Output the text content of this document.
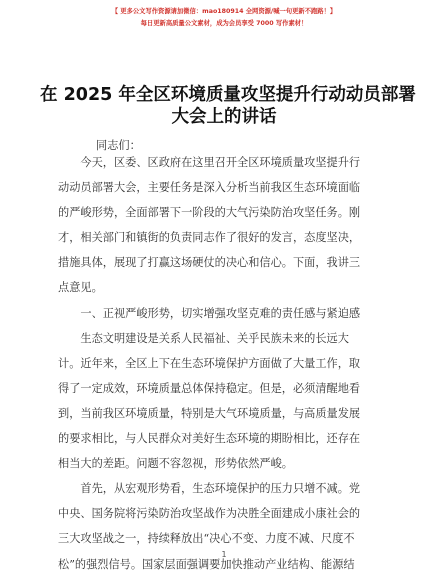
【 更多公文写作资源请加微信：mao180914 全网资源/喊一句更新不跑路！】
每日更新高质量公文素材，成为会员享受 7000 写作素材！
在 2025 年全区环境质量攻坚提升行动动员部署
大会上的讲话
同志们：
　　今天，区委、区政府在这里召开全区环境质量攻坚提升行
动动员部署大会，主要任务是深入分析当前我区生态环境面临
的严峻形势，全面部署下一阶段的大气污染防治攻坚任务。刚
才，相关部门和镇街的负责同志作了很好的发言，态度坚决，
措施具体，展现了打赢这场硬仗的决心和信心。下面，我讲三
点意见。
　　一、正视严峻形势，切实增强攻坚克难的责任感与紧迫感
　　生态文明建设是关系人民福祉、关乎民族未来的长远大
计。近年来，全区上下在生态环境保护方面做了大量工作，取
得了一定成效，环境质量总体保持稳定。但是，必须清醒地看
到，当前我区环境质量，特别是大气环境质量，与高质量发展
的要求相比，与人民群众对美好生态环境的期盼相比，还存在
相当大的差距。问题不容忽视，形势依然严峻。
　　首先，从宏观形势看，生态环境保护的压力只增不减。党
中央、国务院将污染防治攻坚战作为决胜全面建成小康社会的
三大攻坚战之一，持续释放出“决心不变、力度不减、尺度不
松”的强烈信号。国家层面强调要加快推动产业结构、能源结
1
